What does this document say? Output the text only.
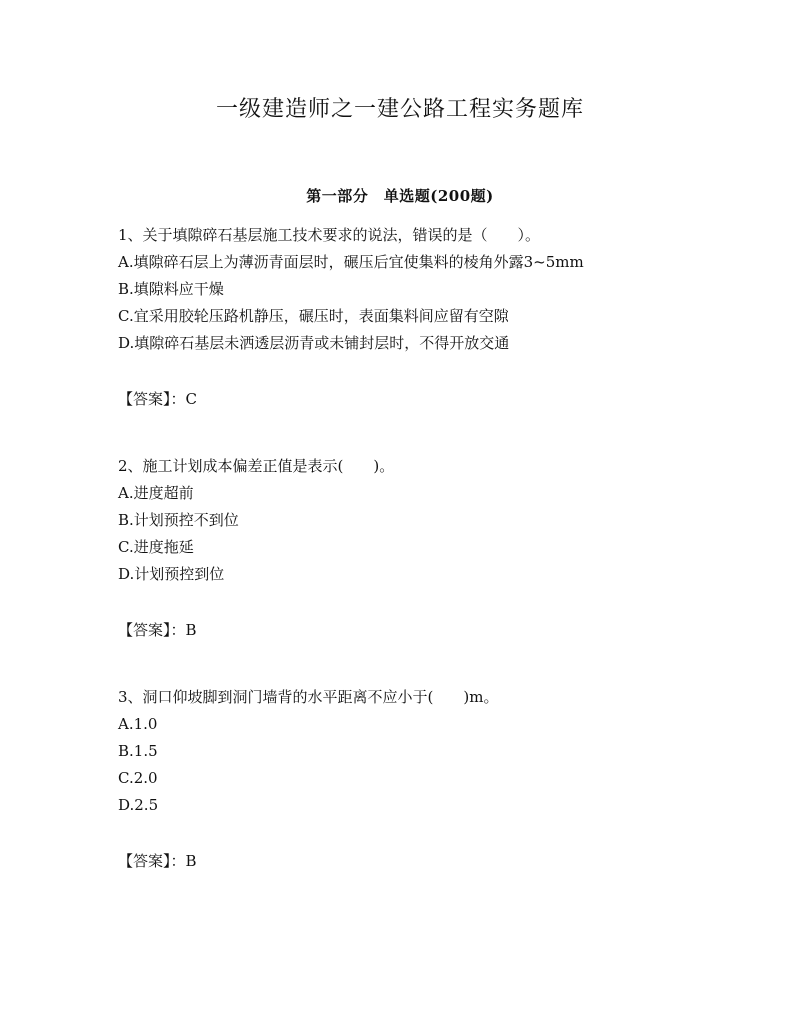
一级建造师之一建公路工程实务题库
第一部分　单选题(200题)
1、关于填隙碎石基层施工技术要求的说法，错误的是（　　）。
A.填隙碎石层上为薄沥青面层时，碾压后宜使集料的棱角外露3~5mm
B.填隙料应干燥
C.宜采用胶轮压路机静压，碾压时，表面集料间应留有空隙
D.填隙碎石基层未洒透层沥青或未铺封层时，不得开放交通
【答案】：C
2、施工计划成本偏差正值是表示(　　)。
A.进度超前
B.计划预控不到位
C.进度拖延
D.计划预控到位
【答案】：B
3、洞口仰坡脚到洞门墙背的水平距离不应小于(　　)m。
A.1.0
B.1.5
C.2.0
D.2.5
【答案】：B
